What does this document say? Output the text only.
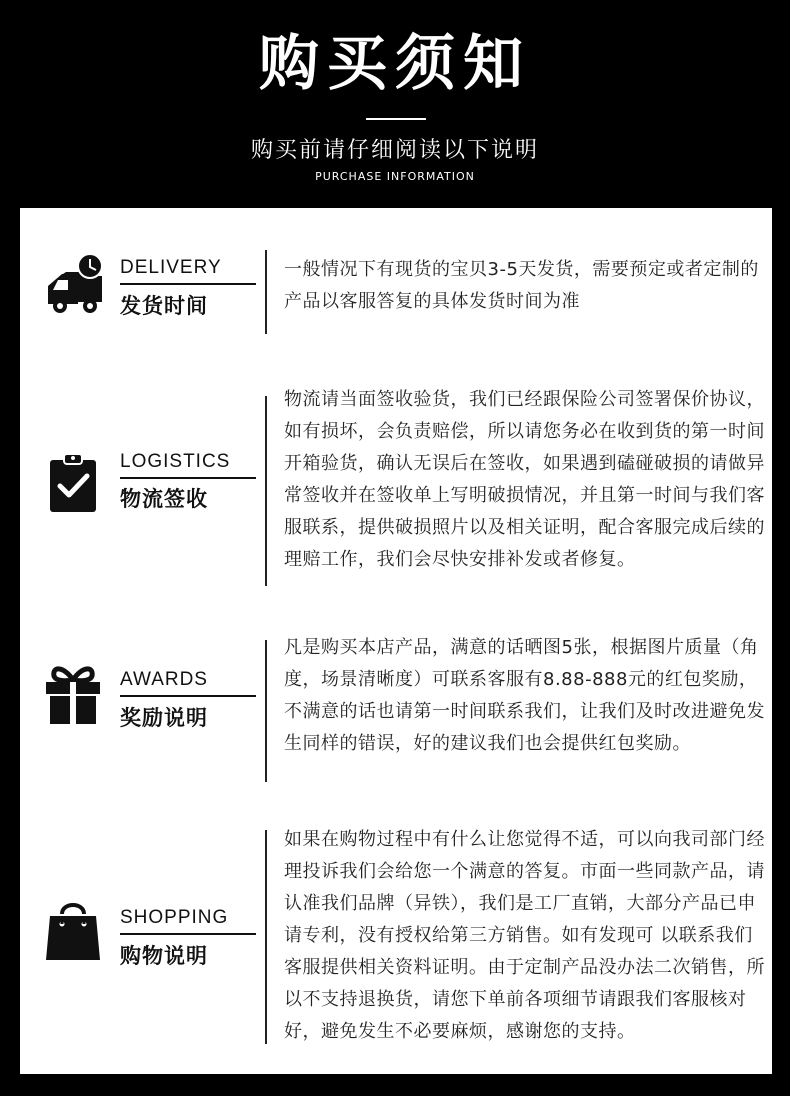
购买须知
购买前请仔细阅读以下说明
PURCHASE INFORMATION
DELIVERY
发货时间
一般情况下有现货的宝贝3-5天发货，需要预定或者定制的产品以客服答复的具体发货时间为准
LOGISTICS
物流签收
物流请当面签收验货，我们已经跟保险公司签署保价协议，如有损坏，会负责赔偿，所以请您务必在收到货的第一时间开箱验货，确认无误后在签收，如果遇到磕碰破损的请做异常签收并在签收单上写明破损情况，并且第一时间与我们客服联系，提供破损照片以及相关证明，配合客服完成后续的理赔工作，我们会尽快安排补发或者修复。
AWARDS
奖励说明
凡是购买本店产品，满意的话晒图5张，根据图片质量（角度，场景清晰度）可联系客服有8.88-888元的红包奖励，不满意的话也请第一时间联系我们，让我们及时改进避免发生同样的错误，好的建议我们也会提供红包奖励。
SHOPPING
购物说明
如果在购物过程中有什么让您觉得不适，可以向我司部门经理投诉我们会给您一个满意的答复。市面一些同款产品，请认准我们品牌（异铁），我们是工厂直销，大部分产品已申请专利，没有授权给第三方销售。如有发现可 以联系我们客服提供相关资料证明。由于定制产品没办法二次销售，所以不支持退换货，请您下单前各项细节请跟我们客服核对好，避免发生不必要麻烦，感谢您的支持。
